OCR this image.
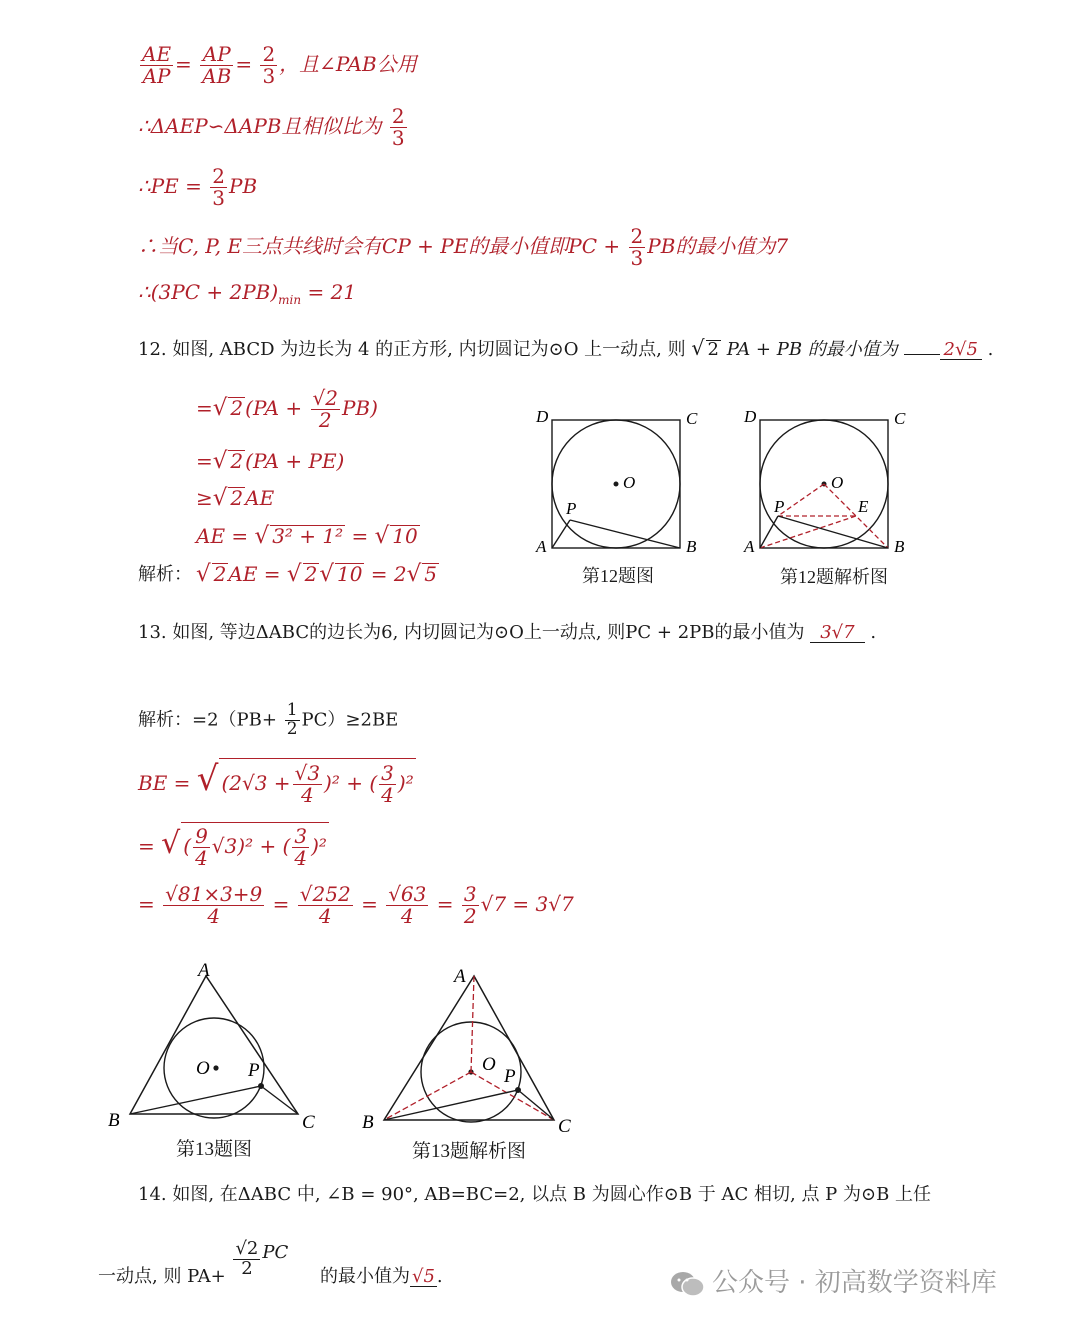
$\frac{AE}{AP} = \frac{AP}{AB} = \frac{2}{3}$ ，且∠PAB公用
∴ΔAEP∽ΔAPB且相似比为 $\frac{2}{3}$
∴PE = $\frac{2}{3}$ PB
∴当C, P, E三点共线时会有CP + PE的最小值即PC + $\frac{2}{3}$ PB的最小值为7
∴(3PC + $2PB)_{min} = 21$
12. 如图, ABCD 为边长为 4 的正方形, 内切圆记为⊙O 上一动点, 则 √ 2 PA + PB 的最小值为	2√5 .
=√ 2 $(PA + \frac{√2}{2} PB)$
=√ 2 (PA + PE)
≥√ 2 AE
AE = √ 3² + 1² = √ 10
解析： √ 2 AE = √ 2√ 10 = 2√ 5
D	C
A	B
O
P
第12题图
D	C
A	B
O
P	E
第12题解析图
13. 如图, 等边ΔABC的边长为6, 内切圆记为⊙O上一动点, 则PC + 2PB的最小值为 3√7 .
解析：$=2(PB+ \frac{1}{2} PC)\ge 2BE$
BE = √ $(2√3 + \frac{√3}{4} )^2$ + ( $\frac{3}{4} )^2$
= √ ( $\frac{9}{4} √3)^2$ + ( $\frac{3}{4} )^2$
= $\frac{√81\times 3+9}{4} = \frac{√252}{4} = \frac{√63}{4} = \frac{3}{2} √7 = 3√7$
A
B	C
O P
第13题图
A
B	C
O
P
第13题解析图
14. 如图, 在ΔABC 中, ∠B = 90°, AB=BC=2, 以点 B 为圆心作⊙B 于 AC 相切, 点 P 为⊙B 上任
一动点, 则 $PA+ \frac{√2}{2}$ PC 的最小值为 √5 .	公众号 · 初高数学资料库
